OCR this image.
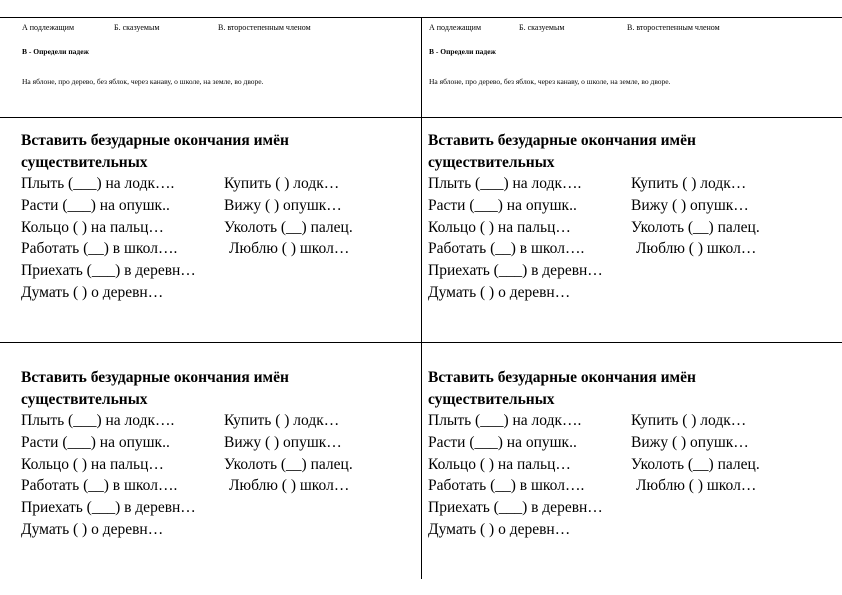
А подлежащим	Б. сказуемым	В. второстепенным членом
В - Определи падеж
На яблоне, про дерево, без яблок, через канаву, о школе, на земле, во дворе.
А подлежащим	Б. сказуемым	В. второстепенным членом
В - Определи падеж
На яблоне, про дерево, без яблок, через канаву, о школе, на земле, во дворе.
Вставить безударные окончания имён
существительных
Плыть (___) на лодк….	Купить ( ) лодк…
Расти (___) на опушк..	Вижу ( ) опушк…
Кольцо ( ) на пальц…	Уколоть (__) палец.
Работать (__) в школ….	Люблю ( ) школ…
Приехать (___) в деревн…
Думать ( ) о деревн…
Вставить безударные окончания имён
существительных
Плыть (___) на лодк….	Купить ( ) лодк…
Расти (___) на опушк..	Вижу ( ) опушк…
Кольцо ( ) на пальц…	Уколоть (__) палец.
Работать (__) в школ….	Люблю ( ) школ…
Приехать (___) в деревн…
Думать ( ) о деревн…
Вставить безударные окончания имён
существительных
Плыть (___) на лодк….	Купить ( ) лодк…
Расти (___) на опушк..	Вижу ( ) опушк…
Кольцо ( ) на пальц…	Уколоть (__) палец.
Работать (__) в школ….	Люблю ( ) школ…
Приехать (___) в деревн…
Думать ( ) о деревн…
Вставить безударные окончания имён
существительных
Плыть (___) на лодк….	Купить ( ) лодк…
Расти (___) на опушк..	Вижу ( ) опушк…
Кольцо ( ) на пальц…	Уколоть (__) палец.
Работать (__) в школ….	Люблю ( ) школ…
Приехать (___) в деревн…
Думать ( ) о деревн…
